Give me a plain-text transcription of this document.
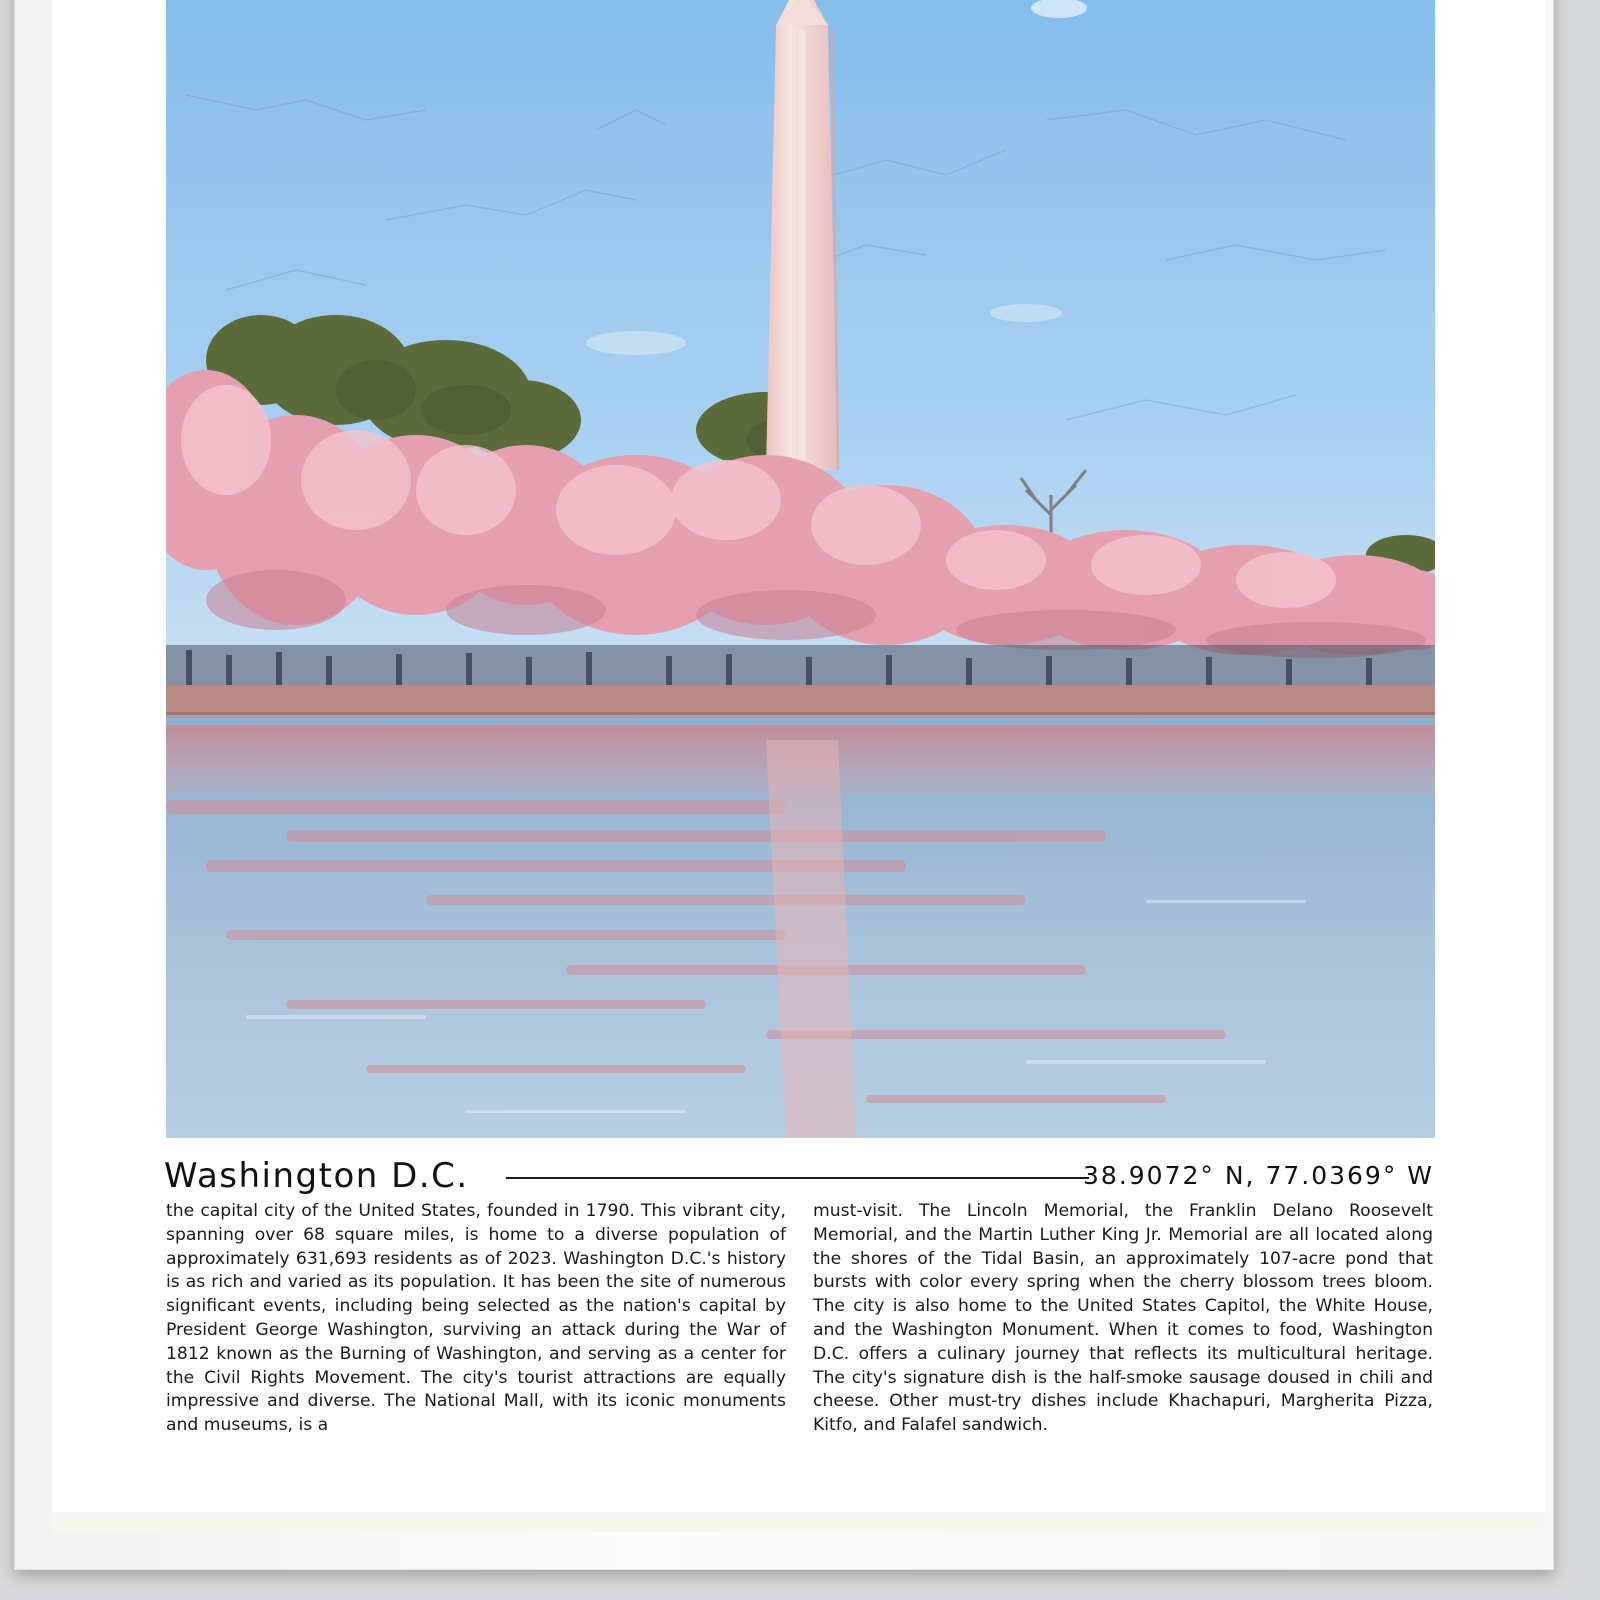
Washington D.C.	38.9072° N, 77.0369° W
the capital city of the United States, founded in 1790. This vibrant city, spanning over 68 square miles, is home to a diverse population of approximately 631,693 residents as of 2023. Washington D.C.'s history is as rich and varied as its population. It has been the site of numerous significant events, including being selected as the nation's capital by President George Washington, surviving an attack during the War of 1812 known as the Burning of Washington, and serving as a center for the Civil Rights Movement. The city's tourist attractions are equally impressive and diverse. The National Mall, with its iconic monuments and museums, is a
must-visit. The Lincoln Memorial, the Franklin Delano Roosevelt Memorial, and the Martin Luther King Jr. Memorial are all located along the shores of the Tidal Basin, an approximately 107-acre pond that bursts with color every spring when the cherry blossom trees bloom. The city is also home to the United States Capitol, the White House, and the Washington Monument. When it comes to food, Washington D.C. offers a culinary journey that reflects its multicultural heritage. The city's signature dish is the half-smoke sausage doused in chili and cheese. Other must-try dishes include Khachapuri, Margherita Pizza, Kitfo, and Falafel sandwich.
